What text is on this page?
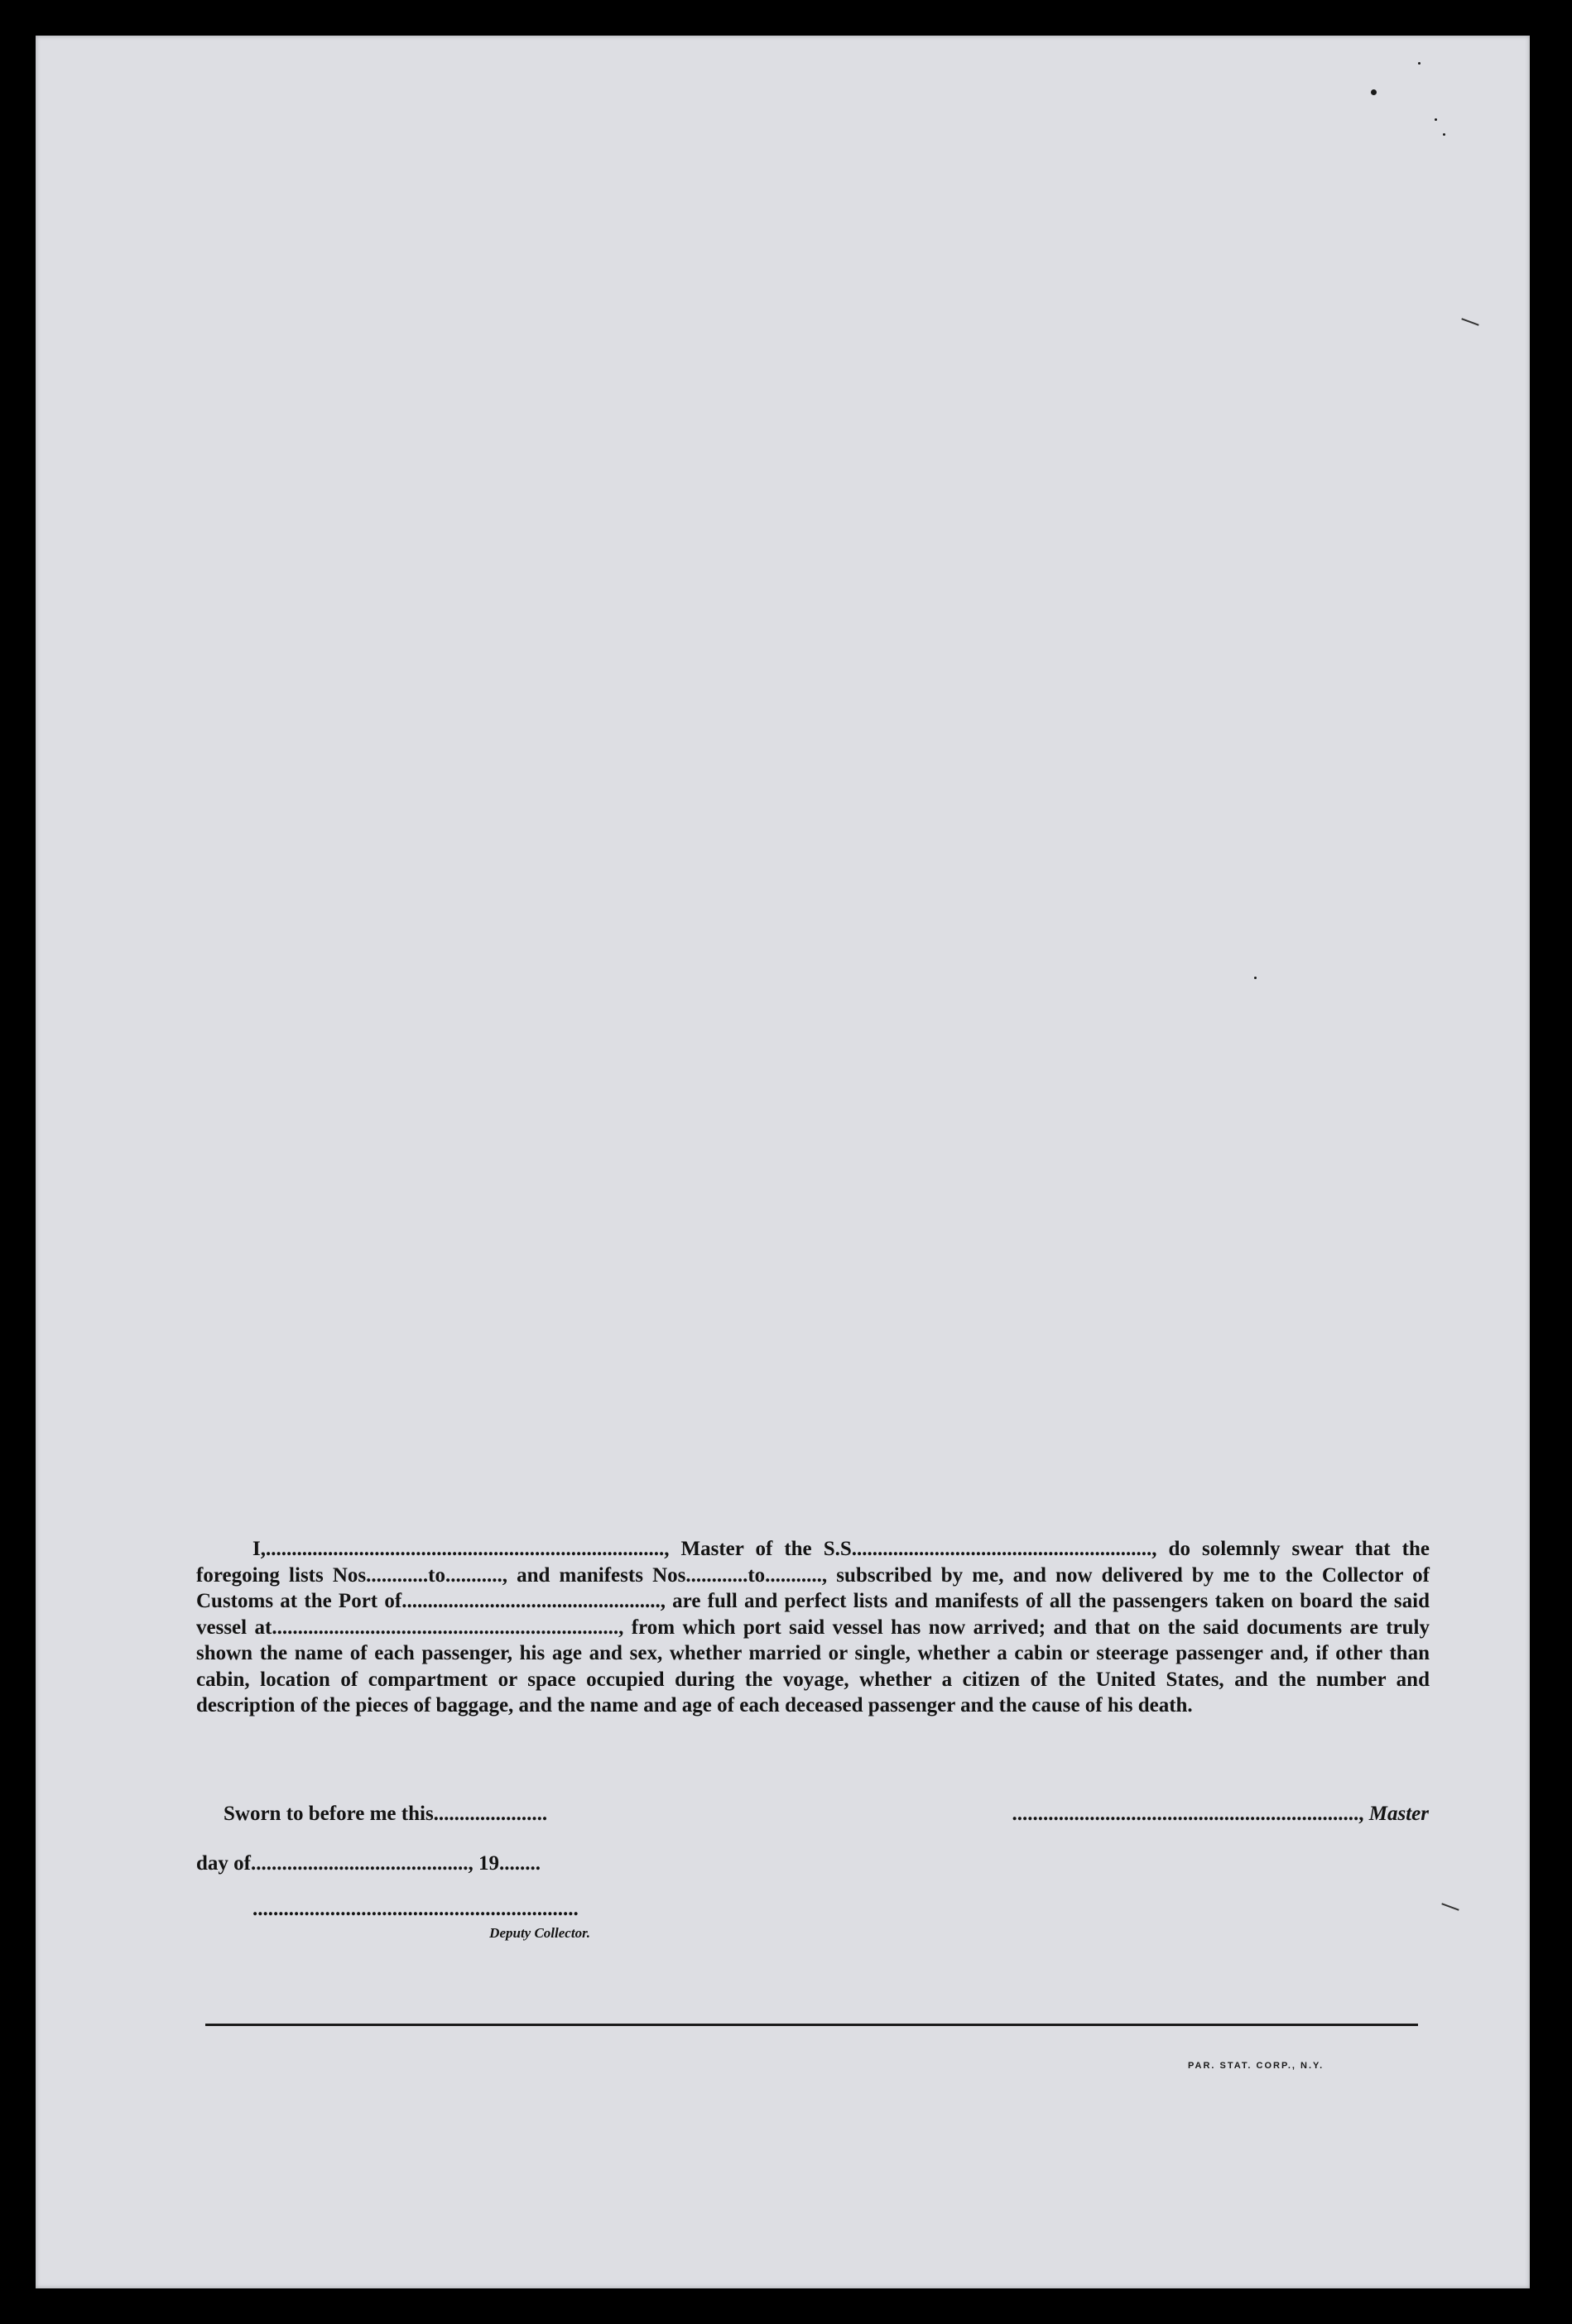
I,............................................................................., Master of the S.S.........................................................., do solemnly swear that the foregoing lists Nos............to..........., and manifests Nos............to..........., subscribed by me, and now delivered by me to the Collector of Customs at the Port of.................................................., are full and perfect lists and manifests of all the passengers taken on board the said vessel at..................................................................., from which port said vessel has now arrived; and that on the said documents are truly shown the name of each passenger, his age and sex, whether married or single, whether a cabin or steerage passenger and, if other than cabin, location of compartment or space occupied during the voyage, whether a citizen of the United States, and the number and description of the pieces of baggage, and the name and age of each deceased passenger and the cause of his death.

Sworn to before me this......................	..................................................................., Master
day of.........................................., 19........
...............................................................
Deputy Collector.
PAR. STAT. CORP., N.Y.
